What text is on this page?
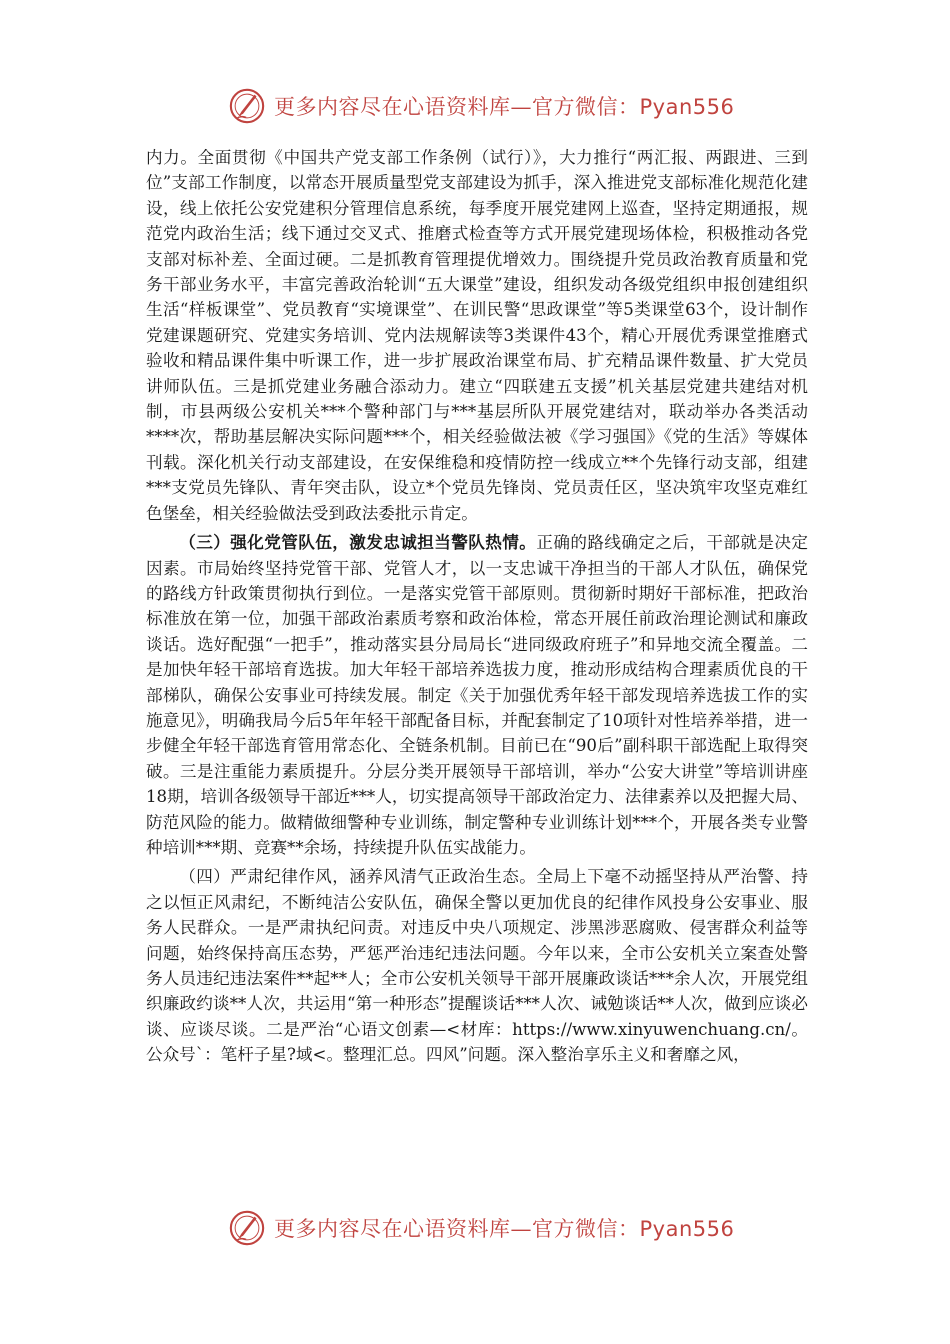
更多内容尽在心语资料库—官方微信：Pyan556

内力。全面贯彻《中国共产党支部工作条例（试行）》，大力推行“两汇报、两跟进、三到位”支部工作制度，以常态开展质量型党支部建设为抓手，深入推进党支部标准化规范化建设，线上依托公安党建积分管理信息系统，每季度开展党建网上巡查，坚持定期通报，规范党内政治生活；线下通过交叉式、推磨式检查等方式开展党建现场体检，积极推动各党支部对标补差、全面过硬。二是抓教育管理提优增效力。围绕提升党员政治教育质量和党务干部业务水平，丰富完善政治轮训“五大课堂”建设，组织发动各级党组织申报创建组织生活“样板课堂”、党员教育“实境课堂”、在训民警“思政课堂”等5类课堂63个，设计制作党建课题研究、党建实务培训、党内法规解读等3类课件43个，精心开展优秀课堂推磨式验收和精品课件集中听课工作，进一步扩展政治课堂布局、扩充精品课件数量、扩大党员讲师队伍。三是抓党建业务融合添动力。建立“四联建五支援”机关基层党建共建结对机制，市县两级公安机关***个警种部门与***基层所队开展党建结对，联动举办各类活动****次，帮助基层解决实际问题***个，相关经验做法被《学习强国》《党的生活》等媒体刊载。深化机关行动支部建设，在安保维稳和疫情防控一线成立**个先锋行动支部，组建***支党员先锋队、青年突击队，设立*个党员先锋岗、党员责任区，坚决筑牢攻坚克难红色堡垒，相关经验做法受到政法委批示肯定。

（三）强化党管队伍，激发忠诚担当警队热情。正确的路线确定之后，干部就是决定因素。市局始终坚持党管干部、党管人才，以一支忠诚干净担当的干部人才队伍，确保党的路线方针政策贯彻执行到位。一是落实党管干部原则。贯彻新时期好干部标准，把政治标准放在第一位，加强干部政治素质考察和政治体检，常态开展任前政治理论测试和廉政谈话。选好配强“一把手”，推动落实县分局局长“进同级政府班子”和异地交流全覆盖。二是加快年轻干部培育选拔。加大年轻干部培养选拔力度，推动形成结构合理素质优良的干部梯队，确保公安事业可持续发展。制定《关于加强优秀年轻干部发现培养选拔工作的实施意见》，明确我局今后5年年轻干部配备目标，并配套制定了10项针对性培养举措，进一步健全年轻干部选育管用常态化、全链条机制。目前已在“90后”副科职干部选配上取得突破。三是注重能力素质提升。分层分类开展领导干部培训，举办“公安大讲堂”等培训讲座18期，培训各级领导干部近***人，切实提高领导干部政治定力、法律素养以及把握大局、防范风险的能力。做精做细警种专业训练，制定警种专业训练计划***个，开展各类专业警种培训***期、竞赛**余场，持续提升队伍实战能力。

（四）严肃纪律作风，涵养风清气正政治生态。全局上下毫不动摇坚持从严治警、持之以恒正风肃纪，不断纯洁公安队伍，确保全警以更加优良的纪律作风投身公安事业、服务人民群众。一是严肃执纪问责。对违反中央八项规定、涉黑涉恶腐败、侵害群众利益等问题，始终保持高压态势，严惩严治违纪违法问题。今年以来，全市公安机关立案查处警务人员违纪违法案件**起**人；全市公安机关领导干部开展廉政谈话***余人次，开展党组织廉政约谈**人次，共运用“第一种形态”提醒谈话***人次、诫勉谈话**人次，做到应谈必谈、应谈尽谈。二是严治“心语文创素—<材库：https://www.xinyuwenchuang.cn/。公众号`：笔杆子星?域<。整理汇总。四风”问题。深入整治享乐主义和奢靡之风，

更多内容尽在心语资料库—官方微信：Pyan556
